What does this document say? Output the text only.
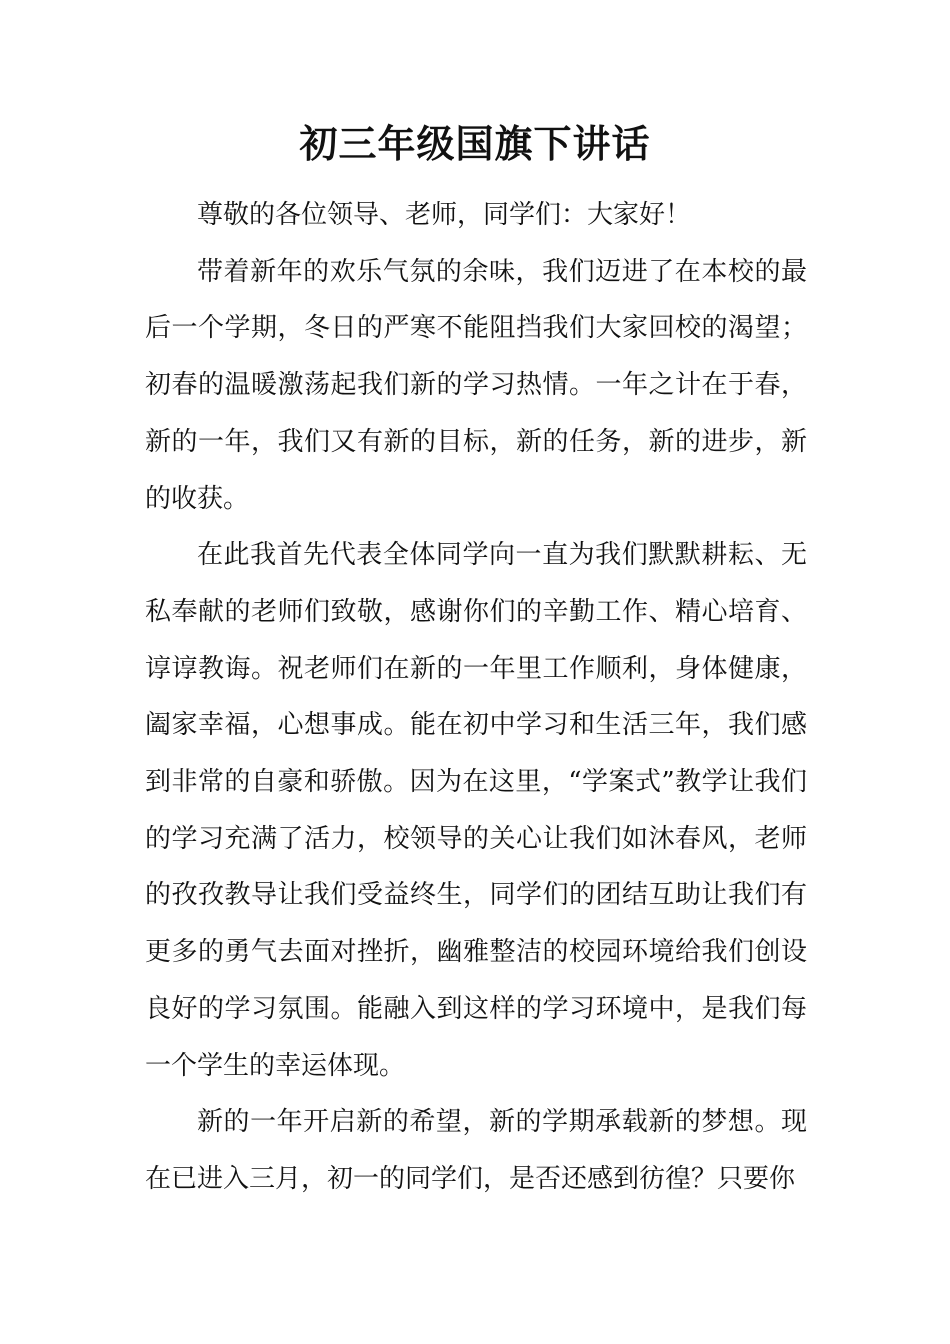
初三年级国旗下讲话

尊敬的各位领导、老师，同学们：大家好！

带着新年的欢乐气氛的余味，我们迈进了在本校的最后一个学期，冬日的严寒不能阻挡我们大家回校的渴望；初春的温暖激荡起我们新的学习热情。一年之计在于春，新的一年，我们又有新的目标，新的任务，新的进步，新的收获。

在此我首先代表全体同学向一直为我们默默耕耘、无私奉献的老师们致敬，感谢你们的辛勤工作、精心培育、谆谆教诲。祝老师们在新的一年里工作顺利，身体健康，阖家幸福，心想事成。能在初中学习和生活三年，我们感到非常的自豪和骄傲。因为在这里，“学案式”教学让我们的学习充满了活力，校领导的关心让我们如沐春风，老师的孜孜教导让我们受益终生，同学们的团结互助让我们有更多的勇气去面对挫折，幽雅整洁的校园环境给我们创设良好的学习氛围。能融入到这样的学习环境中，是我们每一个学生的幸运体现。

新的一年开启新的希望，新的学期承载新的梦想。现在已进入三月，初一的同学们，是否还感到彷徨？只要你
